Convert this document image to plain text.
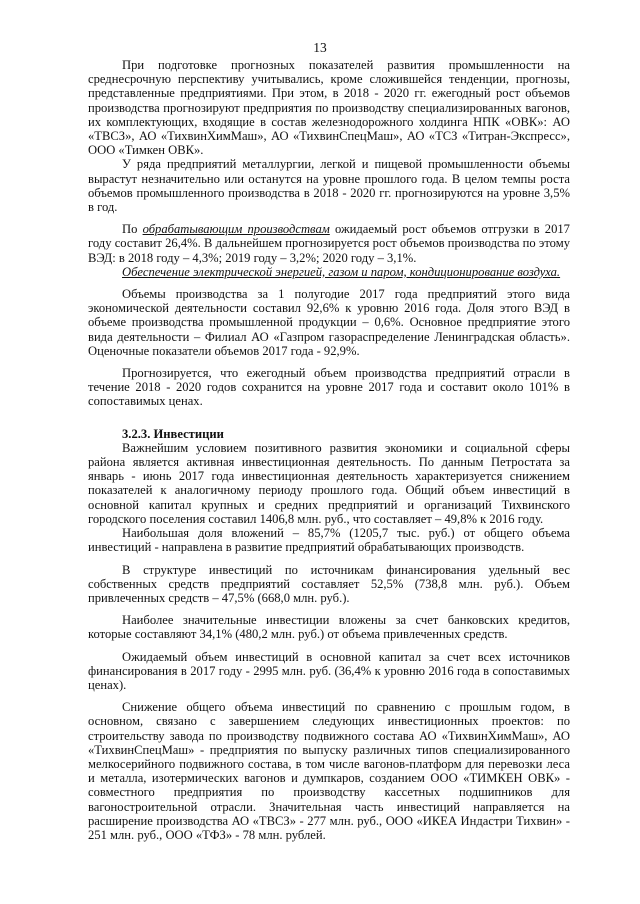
13

При подготовке прогнозных показателей развития промышленности на среднесрочную перспективу учитывались, кроме сложившейся тенденции, прогнозы, представленные предприятиями. При этом, в 2018 - 2020 гг. ежегодный рост объемов производства прогнозируют предприятия по производству специализированных вагонов, их комплектующих, входящие в состав железнодорожного холдинга НПК «ОВК»: АО «ТВСЗ», АО «ТихвинХимМаш», АО «ТихвинСпецМаш», АО «ТСЗ «Титран-Экспресс», ООО «Тимкен ОВК».

У ряда предприятий металлургии, легкой и пищевой промышленности объемы вырастут незначительно или останутся на уровне прошлого года. В целом темпы роста объемов промышленного производства в 2018 - 2020 гг. прогнозируются на уровне 3,5% в год.

По обрабатывающим производствам ожидаемый рост объемов отгрузки в 2017 году составит 26,4%. В дальнейшем прогнозируется рост объемов производства по этому ВЭД: в 2018 году – 4,3%; 2019 году – 3,2%; 2020 году – 3,1%.

Обеспечение электрической энергией, газом и паром, кондиционирование воздуха.

Объемы производства за 1 полугодие 2017 года предприятий этого вида экономической деятельности составил 92,6% к уровню 2016 года. Доля этого ВЭД в объеме производства промышленной продукции – 0,6%. Основное предприятие этого вида деятельности – Филиал АО «Газпром газораспределение Ленинградская область». Оценочные показатели объемов 2017 года - 92,9%.

Прогнозируется, что ежегодный объем производства предприятий отрасли в течение 2018 - 2020 годов сохранится на уровне 2017 года и составит около 101% в сопоставимых ценах.

3.2.3. Инвестиции

Важнейшим условием позитивного развития экономики и социальной сферы района является активная инвестиционная деятельность. По данным Петростата за январь - июнь 2017 года инвестиционная деятельность характеризуется снижением показателей к аналогичному периоду прошлого года. Общий объем инвестиций в основной капитал крупных и средних предприятий и организаций Тихвинского городского поселения составил 1406,8 млн. руб., что составляет – 49,8% к 2016 году.

Наибольшая доля вложений – 85,7% (1205,7 тыс. руб.) от общего объема инвестиций - направлена в развитие предприятий обрабатывающих производств.

В структуре инвестиций по источникам финансирования удельный вес собственных средств предприятий составляет 52,5% (738,8 млн. руб.). Объем привлеченных средств – 47,5% (668,0 млн. руб.).

Наиболее значительные инвестиции вложены за счет банковских кредитов, которые составляют 34,1% (480,2 млн. руб.) от объема привлеченных средств.

Ожидаемый объем инвестиций в основной капитал за счет всех источников финансирования в 2017 году - 2995 млн. руб. (36,4% к уровню 2016 года в сопоставимых ценах).

Снижение общего объема инвестиций по сравнению с прошлым годом, в основном, связано с завершением следующих инвестиционных проектов: по строительству завода по производству подвижного состава АО «ТихвинХимМаш», АО «ТихвинСпецМаш» - предприятия по выпуску различных типов специализированного мелкосерийного подвижного состава, в том числе вагонов-платформ для перевозки леса и металла, изотермических вагонов и думпкаров, созданием ООО «ТИМКЕН ОВК» - совместного предприятия по производству кассетных подшипников для вагоностроительной отрасли. Значительная часть инвестиций направляется на расширение производства АО «ТВСЗ» - 277 млн. руб., ООО «ИКЕА Индастри Тихвин» - 251 млн. руб., ООО «ТФЗ» - 78 млн. рублей.
